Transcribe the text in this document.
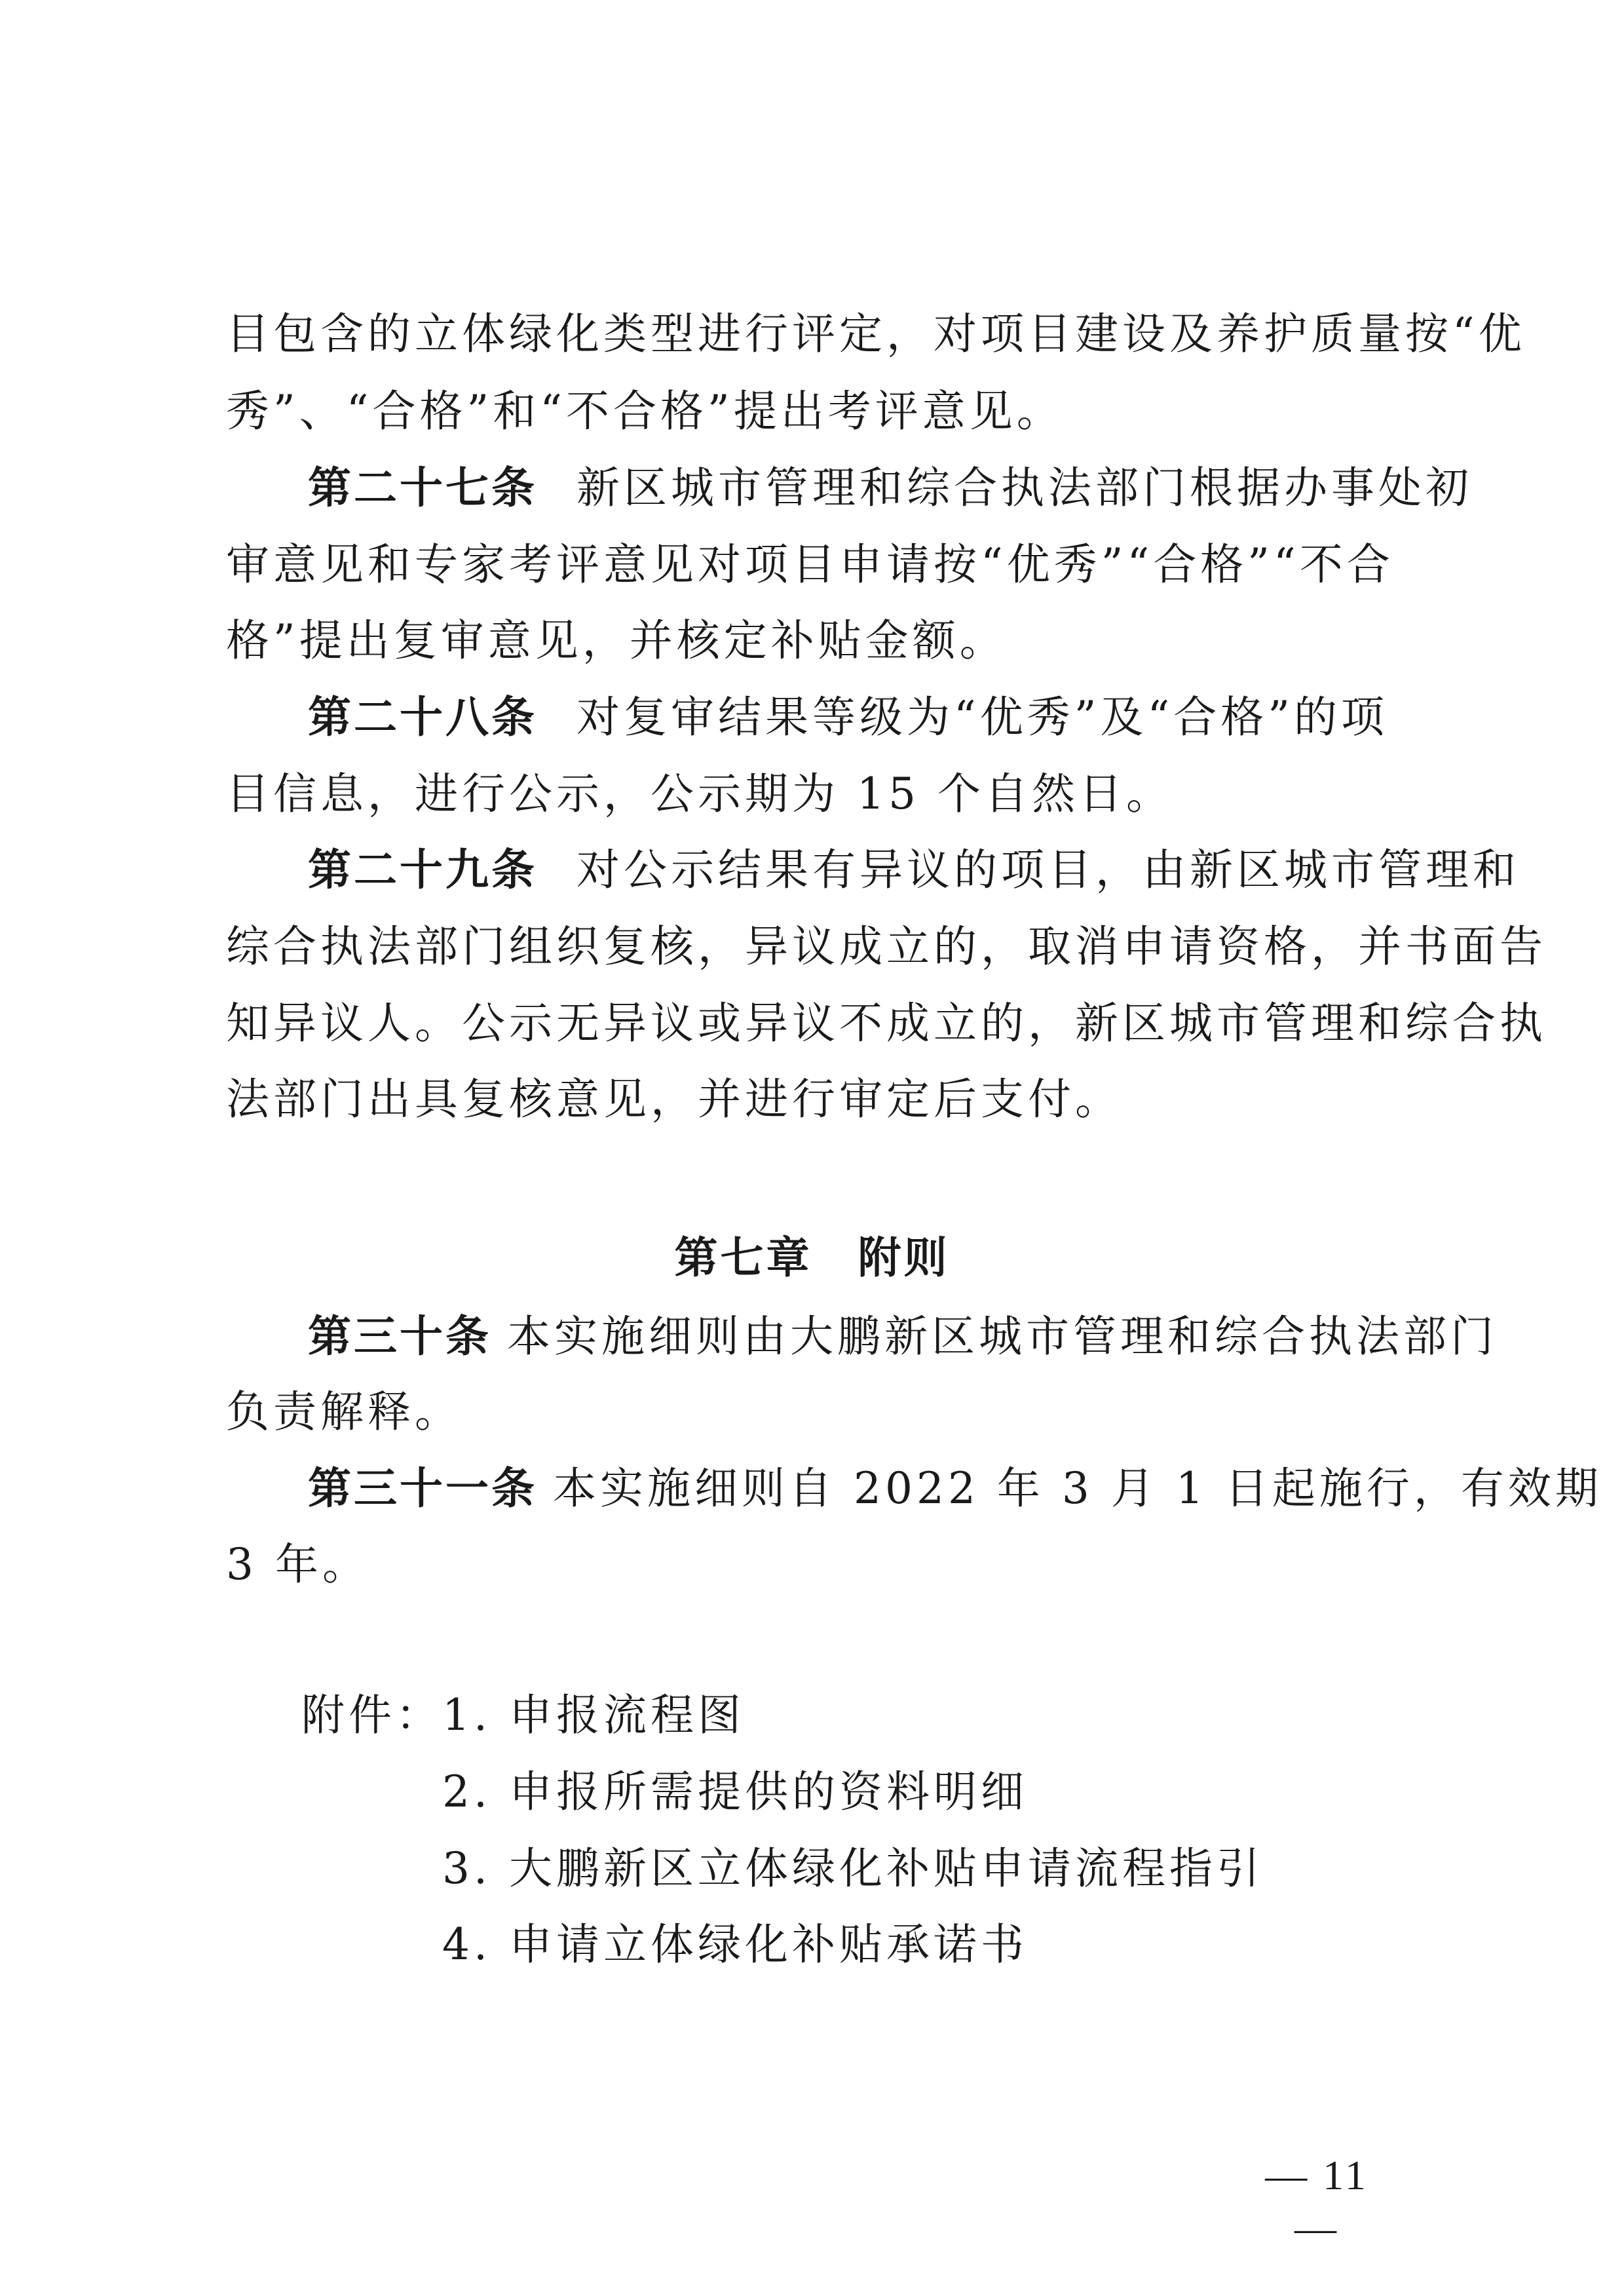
目包含的立体绿化类型进行评定，对项目建设及养护质量按“优
秀”、“合格”和“不合格”提出考评意见。
第二十七条 新区城市管理和综合执法部门根据办事处初
审意见和专家考评意见对项目申请按“优秀”“合格”“不合
格”提出复审意见，并核定补贴金额。
第二十八条 对复审结果等级为“优秀”及“合格”的项
目信息，进行公示，公示期为 15 个自然日。
第二十九条 对公示结果有异议的项目，由新区城市管理和
综合执法部门组织复核，异议成立的，取消申请资格，并书面告
知异议人。公示无异议或异议不成立的，新区城市管理和综合执
法部门出具复核意见，并进行审定后支付。
第七章　附则
第三十条 本实施细则由大鹏新区城市管理和综合执法部门
负责解释。
第三十一条 本实施细则自 2022 年 3 月 1 日起施行，有效期
3 年。
附件： 1. 申报流程图
2. 申报所需提供的资料明细
3. 大鹏新区立体绿化补贴申请流程指引
4. 申请立体绿化补贴承诺书
— 11 —
